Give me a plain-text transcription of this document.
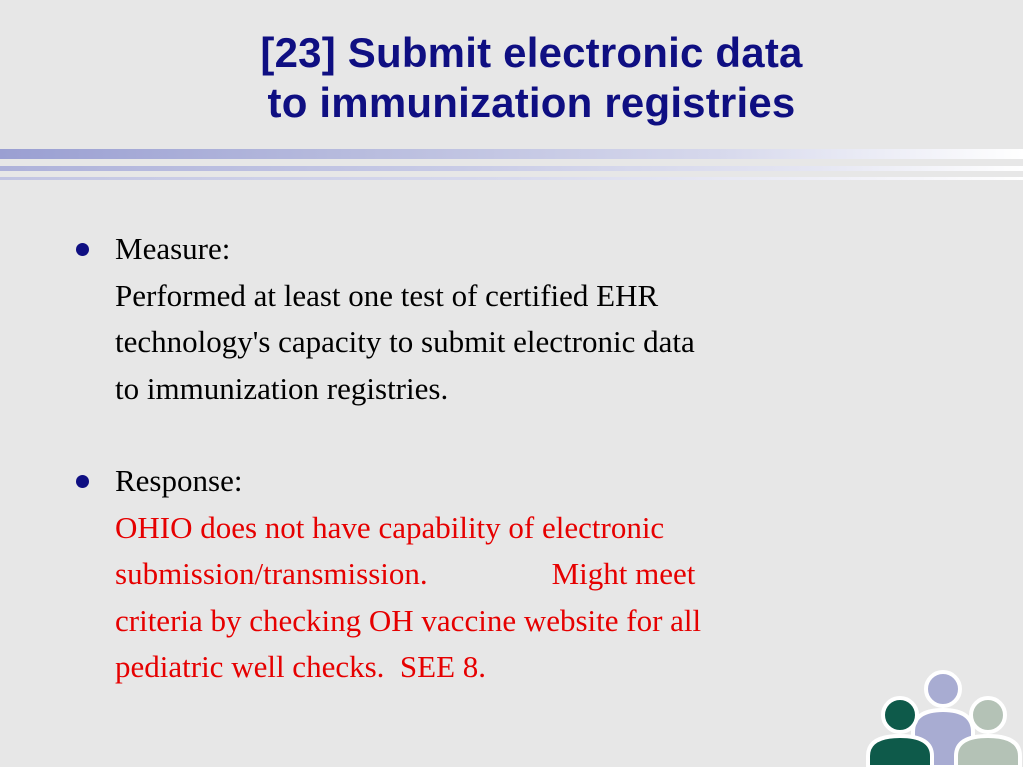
[23] Submit electronic data
to immunization registries
Measure:
Performed at least one test of certified EHR
technology's capacity to submit electronic data
to immunization registries.
Response:
OHIO does not have capability of electronic
submission/transmission.                Might meet
criteria by checking OH vaccine website for all
pediatric well checks.  SEE 8.
